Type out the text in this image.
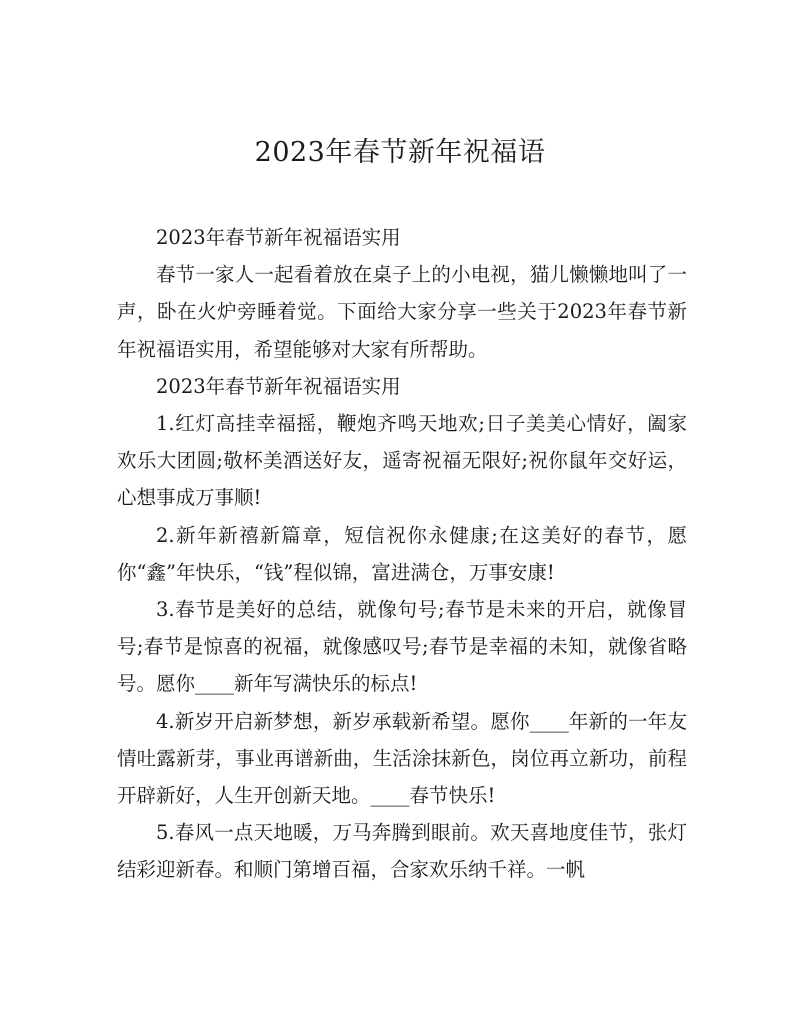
2023年春节新年祝福语

2023年春节新年祝福语实用

春节一家人一起看着放在桌子上的小电视，猫儿懒懒地叫了一声，卧在火炉旁睡着觉。下面给大家分享一些关于2023年春节新年祝福语实用，希望能够对大家有所帮助。

2023年春节新年祝福语实用

1.红灯高挂幸福摇，鞭炮齐鸣天地欢;日子美美心情好，阖家欢乐大团圆;敬杯美酒送好友，遥寄祝福无限好;祝你鼠年交好运，心想事成万事顺!

2.新年新禧新篇章，短信祝你永健康;在这美好的春节，愿你“鑫”年快乐，“钱”程似锦，富进满仓，万事安康!

3.春节是美好的总结，就像句号;春节是未来的开启，就像冒号;春节是惊喜的祝福，就像感叹号;春节是幸福的未知，就像省略号。愿你____新年写满快乐的标点!

4.新岁开启新梦想，新岁承载新希望。愿你____年新的一年友情吐露新芽，事业再谱新曲，生活涂抹新色，岗位再立新功，前程开辟新好，人生开创新天地。____春节快乐!

5.春风一点天地暖，万马奔腾到眼前。欢天喜地度佳节，张灯结彩迎新春。和顺门第增百福，合家欢乐纳千祥。一帆
